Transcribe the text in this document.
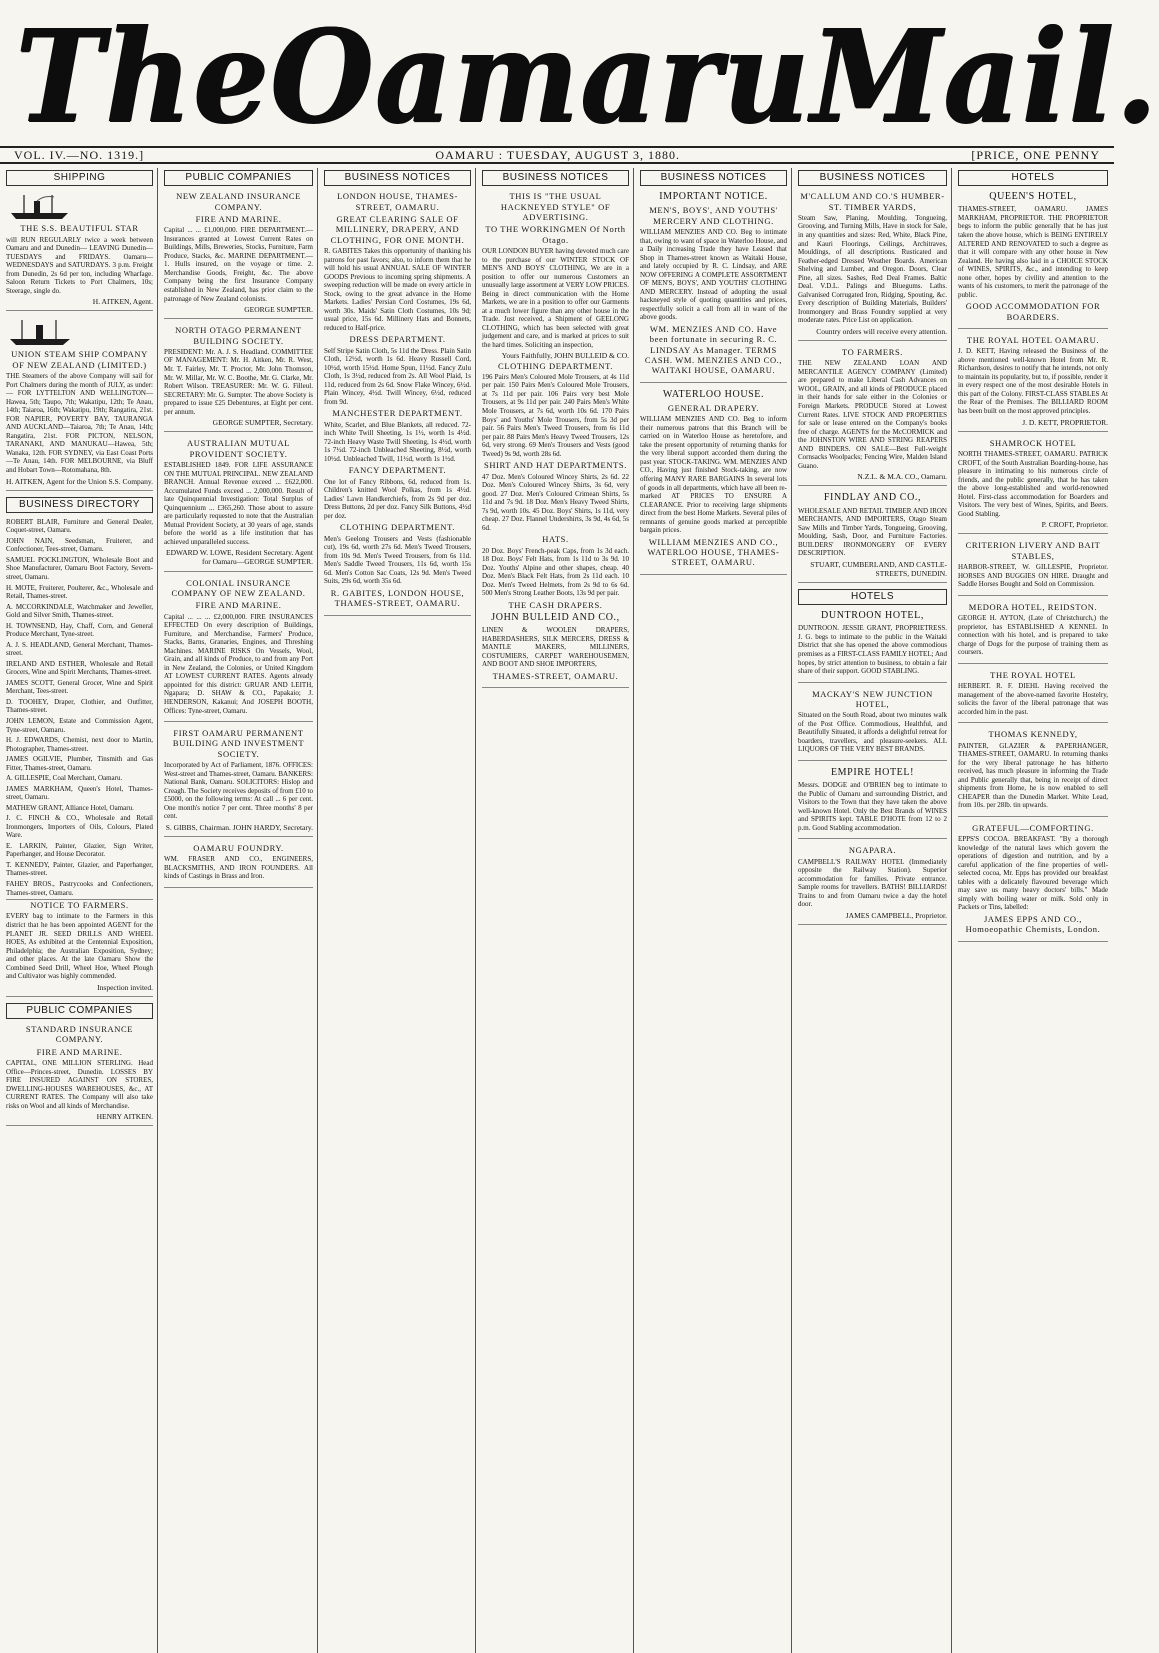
The Oamaru Mail.
VOL. IV.—NO. 1319.]	OAMARU : TUESDAY, AUGUST 3, 1880.	[PRICE, ONE PENNY
SHIPPING
THE S.S. BEAUTIFUL STAR

will RUN REGULARLY twice a week between Oamaru and and Dunedin— LEAVING Dunedin—TUESDAYS and FRIDAYS. Oamaru—WEDNESDAYS and SATURDAYS. 3 p.m. Freight from Dunedin, 2s 6d per ton, including Wharfage. Saloon Return Tickets to Port Chalmers, 10s; Steerage, single do.

H. AITKEN, Agent.
UNION STEAM SHIP COMPANY OF NEW ZEALAND (LIMITED.)

THE Steamers of the above Company will sail for Port Chalmers during the month of JULY, as under:— FOR LYTTELTON AND WELLINGTON—Hawea, 5th; Taupo, 7th; Wakatipu, 12th; Te Anau, 14th; Taiaroa, 16th; Wakatipu, 19th; Rangatira, 21st. FOR NAPIER, POVERTY BAY, TAURANGA AND AUCKLAND—Taiaroa, 7th; Te Anau, 14th; Rangatira, 21st. FOR PICTON, NELSON, TARANAKI, AND MANUKAU—Hawea, 5th; Wanaka, 12th. FOR SYDNEY, via East Coast Ports—Te Anau, 14th. FOR MELBOURNE, via Bluff and Hobart Town—Rotomahana, 8th.

H. AITKEN, Agent for the Union S.S. Company.
BUSINESS DIRECTORY
ROBERT BLAIR, Furniture and General Dealer, Coquet-street, Oamaru.
JOHN NAIN, Seedsman, Fruiterer, and Confectioner, Tees-street, Oamaru.
SAMUEL POCKLINGTON, Wholesale Boot and Shoe Manufacturer, Oamaru Boot Factory, Severn-street, Oamaru.
H. MOTE, Fruiterer, Poulterer, &c., Wholesale and Retail, Thames-street.
A. MCCORKINDALE, Watchmaker and Jeweller, Gold and Silver Smith, Thames-street.
H. TOWNSEND, Hay, Chaff, Corn, and General Produce Merchant, Tyne-street.
A. J. S. HEADLAND, General Merchant, Thames-street.
IRELAND AND ESTHER, Wholesale and Retail Grocers, Wine and Spirit Merchants, Thames-street.
JAMES SCOTT, General Grocer, Wine and Spirit Merchant, Tees-street.
D. TOOHEY, Draper, Clothier, and Outfitter, Thames-street.
JOHN LEMON, Estate and Commission Agent, Tyne-street, Oamaru.
H. J. EDWARDS, Chemist, next door to Martin, Photographer, Thames-street.
JAMES OGILVIE, Plumber, Tinsmith and Gas Fitter, Thames-street, Oamaru.
A. GILLESPIE, Coal Merchant, Oamaru.
JAMES MARKHAM, Queen's Hotel, Thames-street, Oamaru.
MATHEW GRANT, Alliance Hotel, Oamaru.
J. C. FINCH & CO., Wholesale and Retail Ironmongers, Importers of Oils, Colours, Plated Ware.
E. LARKIN, Painter, Glazier, Sign Writer, Paperhanger, and House Decorator.
T. KENNEDY, Painter, Glazier, and Paperhanger, Thames-street.
FAHEY BROS., Pastrycooks and Confectioners, Thames-street, Oamaru.
NOTICE TO FARMERS.

EVERY bag to intimate to the Farmers in this district that he has been appointed AGENT for the PLANET JR. SEED DRILLS AND WHEEL HOES, As exhibited at the Centennial Exposition, Philadelphia; the Australian Exposition, Sydney; and other places. At the late Oamaru Show the Combined Seed Drill, Wheel Hoe, Wheel Plough and Cultivator was highly commended.

Inspection invited.
PUBLIC COMPANIES
STANDARD INSURANCE COMPANY.
FIRE AND MARINE.

CAPITAL, ONE MILLION STERLING. Head Office—Princes-street, Dunedin. LOSSES BY FIRE INSURED AGAINST ON STORES, DWELLING-HOUSES WAREHOUSES, &c., AT CURRENT RATES. The Company will also take risks on Wool and all kinds of Merchandise.

HENRY AITKEN.
PUBLIC COMPANIES
NEW ZEALAND INSURANCE COMPANY.
FIRE AND MARINE.

Capital ... ... £1,000,000. FIRE DEPARTMENT.—Insurances granted at Lowest Current Rates on Buildings, Mills, Breweries, Stocks, Furniture, Farm Produce, Stacks, &c. MARINE DEPARTMENT.—1. Hulls insured, on the voyage or time. 2. Merchandise Goods, Freight, &c. The above Company being the first Insurance Company established in New Zealand, has prior claim to the patronage of New Zealand colonists.

GEORGE SUMPTER.
NORTH OTAGO PERMANENT BUILDING SOCIETY.

PRESIDENT: Mr. A. J. S. Headland. COMMITTEE OF MANAGEMENT: Mr. H. Aitken, Mr. R. West, Mr. T. Fairley, Mr. T. Proctor, Mr. John Thomson, Mr. W. Millar, Mr. W. C. Boothe, Mr. G. Clarke, Mr. Robert Wilson. TREASURER: Mr. W. G. Filleul. SECRETARY: Mr. G. Sumpter. The above Society is prepared to issue £25 Debentures, at Eight per cent. per annum.

GEORGE SUMPTER, Secretary.
AUSTRALIAN MUTUAL PROVIDENT SOCIETY.

ESTABLISHED 1849. FOR LIFE ASSURANCE ON THE MUTUAL PRINCIPAL. NEW ZEALAND BRANCH. Annual Revenue exceed ... £622,000. Accumulated Funds exceed ... 2,000,000. Result of late Quinquennial Investigation: Total Surplus of Quinquennium ... £365,260. Those about to assure are particularly requested to note that the Australian Mutual Provident Society, at 30 years of age, stands before the world as a life institution that has achieved unparalleled success.

EDWARD W. LOWE, Resident Secretary. Agent for Oamaru—GEORGE SUMPTER.
COLONIAL INSURANCE COMPANY OF NEW ZEALAND.
FIRE AND MARINE.

Capital ... ... ... £2,000,000. FIRE INSURANCES EFFECTED On every description of Buildings, Furniture, and Merchandise, Farmers' Produce, Stacks, Barns, Granaries, Engines, and Threshing Machines. MARINE RISKS On Vessels, Wool, Grain, and all kinds of Produce, to and from any Port in New Zealand, the Colonies, or United Kingdom AT LOWEST CURRENT RATES. Agents already appointed for this district: GRUAR AND LEITH, Ngapara; D. SHAW & CO., Papakaio; J. HENDERSON, Kakanui; And JOSEPH BOOTH, Offices: Tyne-street, Oamaru.

FIRST OAMARU PERMANENT BUILDING AND INVESTMENT SOCIETY.

Incorporated by Act of Parliament, 1876. OFFICES: West-street and Thames-street, Oamaru. BANKERS: National Bank, Oamaru. SOLICITORS: Hislop and Creagh. The Society receives deposits of from £10 to £5000, on the following terms: At call ... 6 per cent. One month's notice 7 per cent. Three months' 8 per cent.

S. GIBBS, Chairman. JOHN HARDY, Secretary.
OAMARU FOUNDRY.

WM. FRASER AND CO., ENGINEERS, BLACKSMITHS, AND IRON FOUNDERS. All kinds of Castings in Brass and Iron.

BUSINESS NOTICES
LONDON HOUSE, THAMES-STREET, OAMARU.
GREAT CLEARING SALE OF MILLINERY, DRAPERY, AND CLOTHING, FOR ONE MONTH.

R. GABITES Takes this opportunity of thanking his patrons for past favors; also, to inform them that he will hold his usual ANNUAL SALE OF WINTER GOODS Previous to incoming spring shipments. A sweeping reduction will be made on every article in Stock, owing to the great advance in the Home Markets. Ladies' Persian Cord Costumes, 19s 6d, worth 30s. Maids' Satin Cloth Costumes, 10s 9d; usual price, 15s 6d. Millinery Hats and Bonnets, reduced to Half-price.

DRESS DEPARTMENT.

Self Stripe Satin Cloth, 5s 11d the Dress. Plain Satin Cloth, 12½d, worth 1s 6d. Heavy Russell Cord, 10½d, worth 15½d. Home Spun, 11½d. Fancy Zulu Cloth, 1s 3½d, reduced from 2s. All Wool Plaid, 1s 11d, reduced from 2s 6d. Snow Flake Wincey, 6½d. Plain Wincey, 4½d. Twill Wincey, 6½d, reduced from 9d.

MANCHESTER DEPARTMENT.

White, Scarlet, and Blue Blankets, all reduced. 72-inch White Twill Sheeting, 1s 1½, worth 1s 4½d. 72-inch Heavy Waste Twill Sheeting, 1s 4½d, worth 1s 7½d. 72-inch Unbleached Sheeting, 8½d, worth 10½d. Unbleached Twill, 11½d, worth 1s 1½d.

FANCY DEPARTMENT.

One lot of Fancy Ribbons, 6d, reduced from 1s. Children's knitted Wool Polkas, from 1s 4½d. Ladies' Lawn Handkerchiefs, from 2s 9d per doz. Dress Buttons, 2d per doz. Fancy Silk Buttons, 4½d per doz.

CLOTHING DEPARTMENT.

Men's Geelong Trousers and Vests (fashionable cut), 19s 6d, worth 27s 6d. Men's Tweed Trousers, from 10s 9d. Men's Tweed Trousers, from 6s 11d. Men's Saddle Tweed Trousers, 11s 6d, worth 15s 6d. Men's Cotton Sac Coats, 12s 9d. Men's Tweed Suits, 29s 6d, worth 35s 6d.

R. GABITES, LONDON HOUSE, THAMES-STREET, OAMARU.
BUSINESS NOTICES
THIS IS "THE USUAL HACKNEYED STYLE" OF ADVERTISING.
TO THE WORKINGMEN Of North Otago.

OUR LONDON BUYER having devoted much care to the purchase of our WINTER STOCK OF MEN'S AND BOYS' CLOTHING, We are in a position to offer our numerous Customers an unusually large assortment at VERY LOW PRICES. Being in direct communication with the Home Markets, we are in a position to offer our Garments at a much lower figure than any other house in the Trade. Just received, a Shipment of GEELONG CLOTHING, which has been selected with great judgement and care, and is marked at prices to suit the hard times. Soliciting an inspection,

Yours Faithfully, JOHN BULLEID & CO.
CLOTHING DEPARTMENT.

196 Pairs Men's Coloured Mole Trousers, at 4s 11d per pair. 150 Pairs Men's Coloured Mole Trousers, at 7s 11d per pair. 106 Pairs very best Mole Trousers, at 9s 11d per pair. 240 Pairs Men's White Mole Trousers, at 7s 6d, worth 10s 6d. 170 Pairs Boys' and Youths' Mole Trousers, from 5s 3d per pair. 56 Pairs Men's Tweed Trousers, from 6s 11d per pair. 88 Pairs Men's Heavy Tweed Trousers, 12s 6d, very strong. 69 Men's Trousers and Vests (good Tweed) 9s 9d, worth 28s 6d.

SHIRT AND HAT DEPARTMENTS.

47 Doz. Men's Coloured Wincey Shirts, 2s 6d. 22 Doz. Men's Coloured Wincey Shirts, 3s 6d, very good. 27 Doz. Men's Coloured Crimean Shirts, 5s 11d and 7s 9d. 18 Doz. Men's Heavy Tweed Shirts, 7s 9d, worth 10s. 45 Doz. Boys' Shirts, 1s 11d, very cheap. 27 Doz. Flannel Undershirts, 3s 9d, 4s 6d, 5s 6d.

HATS.

20 Doz. Boys' French-peak Caps, from 1s 3d each. 18 Doz. Boys' Felt Hats, from 1s 11d to 3s 9d. 10 Doz. Youths' Alpine and other shapes, cheap. 40 Doz. Men's Black Felt Hats, from 2s 11d each. 10 Doz. Men's Tweed Helmets, from 2s 9d to 6s 6d. 500 Men's Strong Leather Boots, 13s 9d per pair.

THE CASH DRAPERS.
JOHN BULLEID AND CO.,

LINEN & WOOLEN DRAPERS, HABERDASHERS, SILK MERCERS, DRESS & MANTLE MAKERS, MILLINERS, COSTUMIERS, CARPET WAREHOUSEMEN, AND BOOT AND SHOE IMPORTERS,

THAMES-STREET, OAMARU.
BUSINESS NOTICES
IMPORTANT NOTICE.
MEN'S, BOYS', AND YOUTHS' MERCERY AND CLOTHING.

WILLIAM MENZIES AND CO. Beg to intimate that, owing to want of space in Waterloo House, and a Daily increasing Trade they have Leased that Shop in Thames-street known as Waitaki House, and lately occupied by R. C. Lindsay, and ARE NOW OFFERING A COMPLETE ASSORTMENT OF MEN'S, BOYS', AND YOUTHS' CLOTHING AND MERCERY. Instead of adopting the usual hackneyed style of quoting quantities and prices, respectfully solicit a call from all in want of the above goods.

WM. MENZIES AND CO. Have been fortunate in securing R. C. LINDSAY As Manager. TERMS CASH. WM. MENZIES AND CO., WAITAKI HOUSE, OAMARU.
WATERLOO HOUSE.
GENERAL DRAPERY.

WILLIAM MENZIES AND CO. Beg to inform their numerous patrons that this Branch will be carried on in Waterloo House as heretofore, and take the present opportunity of returning thanks for the very liberal support accorded them during the past year. STOCK-TAKING. WM. MENZIES AND CO., Having just finished Stock-taking, are now offering MANY RARE BARGAINS In several lots of goods in all departments, which have all been re-marked AT PRICES TO ENSURE A CLEARANCE. Prior to receiving large shipments direct from the best Home Markets. Several piles of remnants of genuine goods marked at perceptible bargain prices.

WILLIAM MENZIES AND CO., WATERLOO HOUSE, THAMES-STREET, OAMARU.
BUSINESS NOTICES
M'CALLUM AND CO.'S HUMBER-ST. TIMBER YARDS,

Steam Saw, Planing, Moulding, Tongueing, Grooving, and Turning Mills, Have in stock for Sale, in any quantities and sizes: Red, White, Black Pine, and Kauri Floorings, Ceilings, Architraves, Mouldings, of all descriptions. Rusticated and Feather-edged Dressed Weather Boards. American Shelving and Lumber, and Oregon. Doors, Clear Pine, all sizes. Sashes, Red Deal Frames. Baltic Deal. V.D.L. Palings and Bluegums. Laths. Galvanised Corrugated Iron, Ridging, Spouting, &c. Every description of Building Materials, Builders' Ironmongery and Brass Foundry supplied at very moderate rates. Price List on application.

Country orders will receive every attention.
TO FARMERS.

THE NEW ZEALAND LOAN AND MERCANTILE AGENCY COMPANY (Limited) are prepared to make Liberal Cash Advances on WOOL, GRAIN, and all kinds of PRODUCE placed in their hands for sale either in the Colonies or Foreign Markets. PRODUCE Stored at Lowest Current Rates. LIVE STOCK AND PROPERTIES for sale or lease entered on the Company's books free of charge. AGENTS for the McCORMICK and the JOHNSTON WIRE AND STRING REAPERS AND BINDERS. ON SALE—Best Full-weight Cornsacks Woolpacks; Fencing Wire, Malden Island Guano.

N.Z.L. & M.A. CO., Oamaru.
FINDLAY AND CO.,

WHOLESALE AND RETAIL TIMBER AND IRON MERCHANTS, AND IMPORTERS, Otago Steam Saw Mills and Timber Yards, Tongueing, Grooving, Moulding, Sash, Door, and Furniture Factories. BUILDERS' IRONMONGERY OF EVERY DESCRIPTION.

STUART, CUMBERLAND, AND CASTLE-STREETS, DUNEDIN.
HOTELS
DUNTROON HOTEL,

DUNTROON. JESSIE GRANT, PROPRIETRESS. J. G. begs to intimate to the public in the Waitaki District that she has opened the above commodious premises as a FIRST-CLASS FAMILY HOTEL; And hopes, by strict attention to business, to obtain a fair share of their support. GOOD STABLING.

MACKAY'S NEW JUNCTION HOTEL,

Situated on the South Road, about two minutes walk of the Post Office. Commodious, Healthful, and Beautifully Situated, it affords a delightful retreat for boarders, travellers, and pleasure-seekers. ALL LIQUORS OF THE VERY BEST BRANDS.

EMPIRE HOTEL!

Messrs. DODGE and O'BRIEN beg to intimate to the Public of Oamaru and surrounding District, and Visitors to the Town that they have taken the above well-known Hotel. Only the Best Brands of WINES and SPIRITS kept. TABLE D'HOTE from 12 to 2 p.m. Good Stabling accommodation.

NGAPARA.

CAMPBELL'S RAILWAY HOTEL (Immediately opposite the Railway Station). Superior accommodation for families. Private entrance. Sample rooms for travellers. BATHS! BILLIARDS! Trains to and from Oamaru twice a day the hotel door.

JAMES CAMPBELL, Proprietor.
HOTELS
QUEEN'S HOTEL,

THAMES-STREET, OAMARU. JAMES MARKHAM, PROPRIETOR. THE PROPRIETOR begs to inform the public generally that he has just taken the above house, which is BEING ENTIRELY ALTERED AND RENOVATED to such a degree as that it will compare with any other house in New Zealand. He having also laid in a CHOICE STOCK of WINES, SPIRITS, &c., and intending to keep none other, hopes by civility and attention to the wants of his customers, to merit the patronage of the public.

GOOD ACCOMMODATION FOR BOARDERS.
THE ROYAL HOTEL OAMARU.

J. D. KETT, Having released the Business of the above mentioned well-known Hotel from Mr. R. Richardson, desires to notify that he intends, not only to maintain its popularity, but to, if possible, render it in every respect one of the most desirable Hotels in this part of the Colony. FIRST-CLASS STABLES At the Rear of the Premises. The BILLIARD ROOM has been built on the most approved principles.

J. D. KETT, PROPRIETOR.
SHAMROCK HOTEL

NORTH THAMES-STREET, OAMARU. PATRICK CROFT, of the South Australian Boarding-house, has pleasure in intimating to his numerous circle of friends, and the public generally, that he has taken the above long-established and world-renowned Hotel. First-class accommodation for Boarders and Visitors. The very best of Wines, Spirits, and Beers. Good Stabling.

P. CROFT, Proprietor.
CRITERION LIVERY AND BAIT STABLES,

HARBOR-STREET, W. GILLESPIE, Proprietor. HORSES AND BUGGIES ON HIRE. Draught and Saddle Horses Bought and Sold on Commission.

MEDORA HOTEL, REIDSTON.

GEORGE H. AYTON, (Late of Christchurch,) the proprietor, has ESTABLISHED A KENNEL In connection with his hotel, and is prepared to take charge of Dogs for the purpose of training them as coursers.

THE ROYAL HOTEL

HERBERT. R. F. DIEHL Having received the management of the above-named favorite Hostelry, solicits the favor of the liberal patronage that was accorded him in the past.

THOMAS KENNEDY,

PAINTER, GLAZIER & PAPERHANGER, THAMES-STREET, OAMARU. In returning thanks for the very liberal patronage he has hitherto received, has much pleasure in informing the Trade and Public generally that, being in receipt of direct shipments from Home, he is now enabled to sell CHEAPER than the Dunedin Market. White Lead, from 10s. per 28lb. tin upwards.

GRATEFUL—COMFORTING.

EPPS'S COCOA. BREAKFAST. "By a thorough knowledge of the natural laws which govern the operations of digestion and nutrition, and by a careful application of the fine properties of well-selected cocoa, Mr. Epps has provided our breakfast tables with a delicately flavoured beverage which may save us many heavy doctors' bills." Made simply with boiling water or milk. Sold only in Packets or Tins, labelled:

JAMES EPPS AND CO., Homoeopathic Chemists, London.
